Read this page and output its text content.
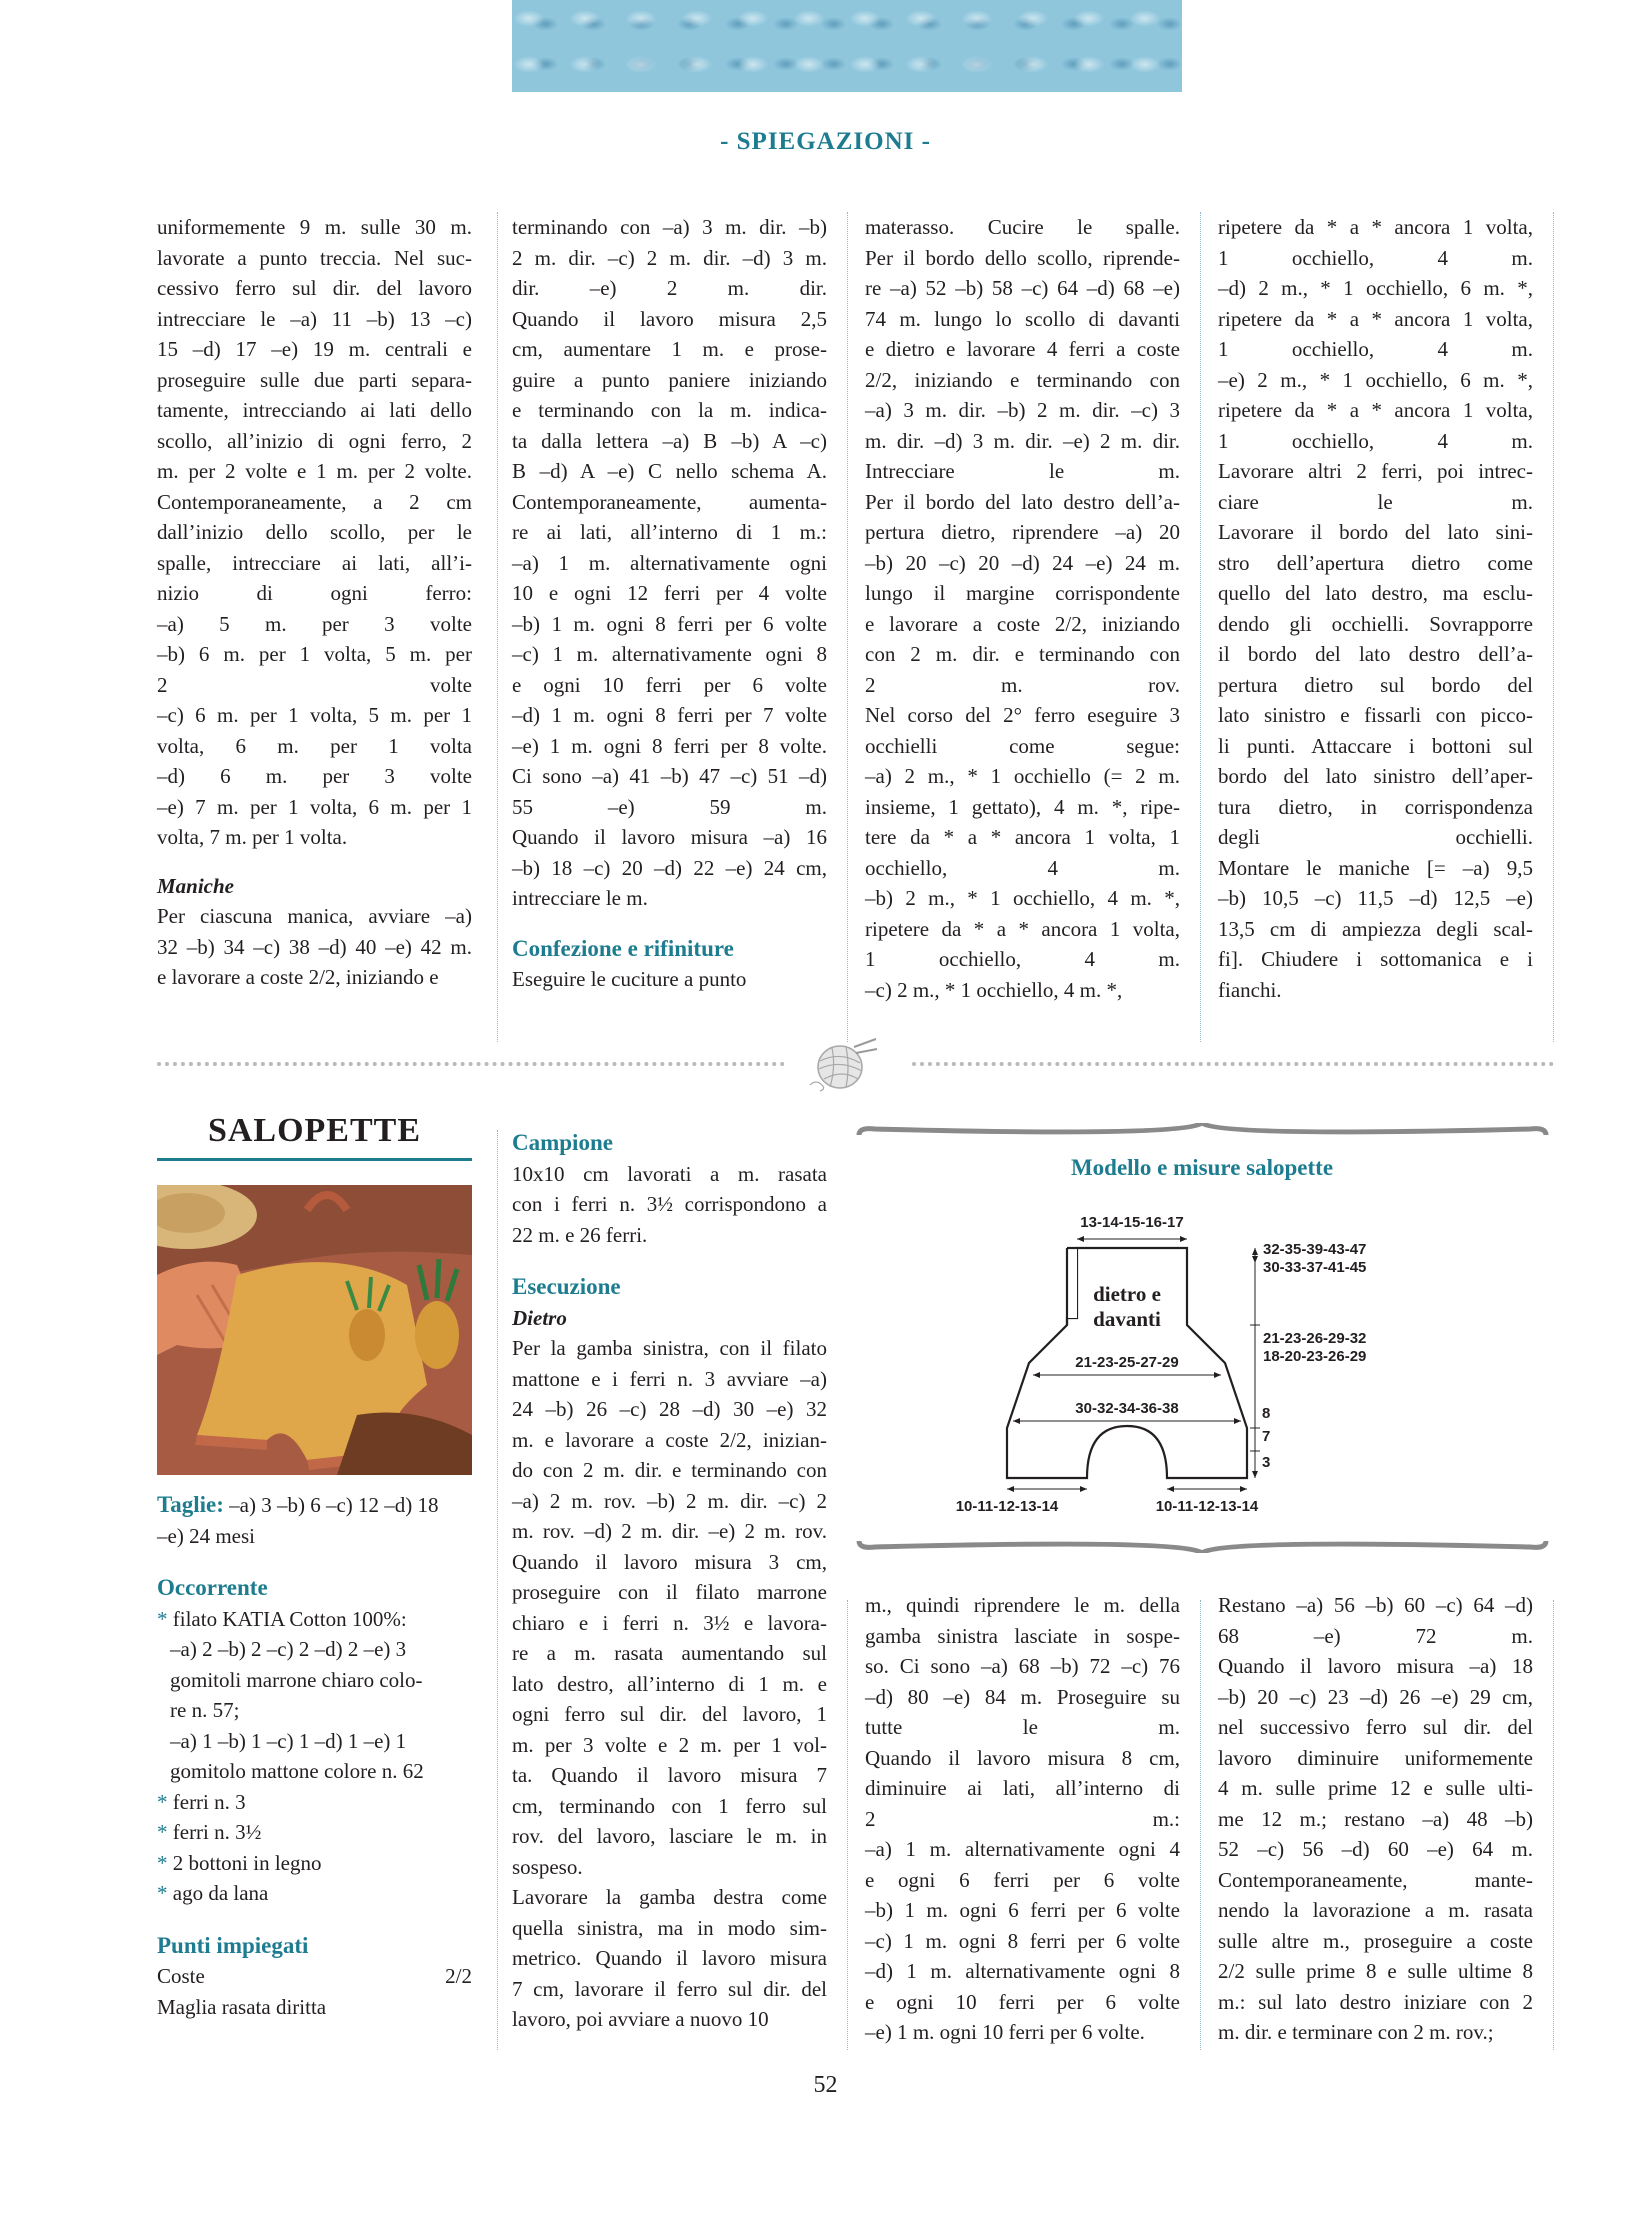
- SPIEGAZIONI -

uniformemente 9 m. sulle 30 m.

lavorate a punto treccia. Nel suc-

cessivo ferro sul dir. del lavoro

intrecciare le –a) 11 –b) 13 –c)

15 –d) 17 –e) 19 m. centrali e

proseguire sulle due parti separa-

tamente, intrecciando ai lati dello

scollo, all’inizio di ogni ferro, 2

m. per 2 volte e 1 m. per 2 volte.

Contemporaneamente, a 2 cm

dall’inizio dello scollo, per le

spalle, intrecciare ai lati, all’i-

nizio di ogni ferro:

–a) 5 m. per 3 volte

–b) 6 m. per 1 volta, 5 m. per

2 volte

–c) 6 m. per 1 volta, 5 m. per 1

volta, 6 m. per 1 volta

–d) 6 m. per 3 volte

–e) 7 m. per 1 volta, 6 m. per 1

volta, 7 m. per 1 volta.

Maniche

Per ciascuna manica, avviare –a)

32 –b) 34 –c) 38 –d) 40 –e) 42 m.

e lavorare a coste 2/2, iniziando e

terminando con –a) 3 m. dir. –b)

2 m. dir. –c) 2 m. dir. –d) 3 m.

dir. –e) 2 m. dir.

Quando il lavoro misura 2,5

cm, aumentare 1 m. e prose-

guire a punto paniere iniziando

e terminando con la m. indica-

ta dalla lettera –a) B –b) A –c)

B –d) A –e) C nello schema A.

Contemporaneamente, aumenta-

re ai lati, all’interno di 1 m.:

–a) 1 m. alternativamente ogni

10 e ogni 12 ferri per 4 volte

–b) 1 m. ogni 8 ferri per 6 volte

–c) 1 m. alternativamente ogni 8

e ogni 10 ferri per 6 volte

–d) 1 m. ogni 8 ferri per 7 volte

–e) 1 m. ogni 8 ferri per 8 volte.

Ci sono –a) 41 –b) 47 –c) 51 –d)

55 –e) 59 m.

Quando il lavoro misura –a) 16

–b) 18 –c) 20 –d) 22 –e) 24 cm,

intrecciare le m.

Confezione e rifiniture

Eseguire le cuciture a punto

materasso. Cucire le spalle.

Per il bordo dello scollo, riprende-

re –a) 52 –b) 58 –c) 64 –d) 68 –e)

74 m. lungo lo scollo di davanti

e dietro e lavorare 4 ferri a coste

2/2, iniziando e terminando con

–a) 3 m. dir. –b) 2 m. dir. –c) 3

m. dir. –d) 3 m. dir. –e) 2 m. dir.

Intrecciare le m.

Per il bordo del lato destro dell’a-

pertura dietro, riprendere –a) 20

–b) 20 –c) 20 –d) 24 –e) 24 m.

lungo il margine corrispondente

e lavorare a coste 2/2, iniziando

con 2 m. dir. e terminando con

2 m. rov.

Nel corso del 2° ferro eseguire 3

occhielli come segue:

–a) 2 m., * 1 occhiello (= 2 m.

insieme, 1 gettato), 4 m. *, ripe-

tere da * a * ancora 1 volta, 1

occhiello, 4 m.

–b) 2 m., * 1 occhiello, 4 m. *,

ripetere da * a * ancora 1 volta,

1 occhiello, 4 m.

–c) 2 m., * 1 occhiello, 4 m. *,

ripetere da * a * ancora 1 volta,

1 occhiello, 4 m.

–d) 2 m., * 1 occhiello, 6 m. *,

ripetere da * a * ancora 1 volta,

1 occhiello, 4 m.

–e) 2 m., * 1 occhiello, 6 m. *,

ripetere da * a * ancora 1 volta,

1 occhiello, 4 m.

Lavorare altri 2 ferri, poi intrec-

ciare le m.

Lavorare il bordo del lato sini-

stro dell’apertura dietro come

quello del lato destro, ma esclu-

dendo gli occhielli. Sovrapporre

il bordo del lato destro dell’a-

pertura dietro sul bordo del

lato sinistro e fissarli con picco-

li punti. Attaccare i bottoni sul

bordo del lato sinistro dell’aper-

tura dietro, in corrispondenza

degli occhielli.

Montare le maniche [= –a) 9,5

–b) 10,5 –c) 11,5 –d) 12,5 –e)

13,5 cm di ampiezza degli scal-

fi]. Chiudere i sottomanica e i

fianchi.

SALOPETTE

Taglie: –a) 3 –b) 6 –c) 12 –d) 18

–e) 24 mesi

Occorrente

* filato KATIA Cotton 100%:

–a) 2 –b) 2 –c) 2 –d) 2 –e) 3

gomitoli marrone chiaro colo-

re n. 57;

–a) 1 –b) 1 –c) 1 –d) 1 –e) 1

gomitolo mattone colore n. 62

* ferri n. 3

* ferri n. 3½

* 2 bottoni in legno

* ago da lana

Punti impiegati

Coste 2/2

Maglia rasata diritta

Campione

10x10 cm lavorati a m. rasata

con i ferri n. 3½ corrispondono a

22 m. e 26 ferri.

Esecuzione

Dietro

Per la gamba sinistra, con il filato

mattone e i ferri n. 3 avviare –a)

24 –b) 26 –c) 28 –d) 30 –e) 32

m. e lavorare a coste 2/2, inizian-

do con 2 m. dir. e terminando con

–a) 2 m. rov. –b) 2 m. dir. –c) 2

m. rov. –d) 2 m. dir. –e) 2 m. rov.

Quando il lavoro misura 3 cm,

proseguire con il filato marrone

chiaro e i ferri n. 3½ e lavora-

re a m. rasata aumentando sul

lato destro, all’interno di 1 m. e

ogni ferro sul dir. del lavoro, 1

m. per 3 volte e 2 m. per 1 vol-

ta. Quando il lavoro misura 7

cm, terminando con 1 ferro sul

rov. del lavoro, lasciare le m. in

sospeso.

Lavorare la gamba destra come

quella sinistra, ma in modo sim-

metrico. Quando il lavoro misura

7 cm, lavorare il ferro sul dir. del

lavoro, poi avviare a nuovo 10

Modello e misure salopette
13-14-15-16-17
dietro e
davanti
21-23-25-27-29
30-32-34-36-38
32-35-39-43-47
30-33-37-41-45
21-23-26-29-32
18-20-23-26-29
8
7
3
10-11-12-13-14	10-11-12-13-14

m., quindi riprendere le m. della

gamba sinistra lasciate in sospe-

so. Ci sono –a) 68 –b) 72 –c) 76

–d) 80 –e) 84 m. Proseguire su

tutte le m.

Quando il lavoro misura 8 cm,

diminuire ai lati, all’interno di

2 m.:

–a) 1 m. alternativamente ogni 4

e ogni 6 ferri per 6 volte

–b) 1 m. ogni 6 ferri per 6 volte

–c) 1 m. ogni 8 ferri per 6 volte

–d) 1 m. alternativamente ogni 8

e ogni 10 ferri per 6 volte

–e) 1 m. ogni 10 ferri per 6 volte.

Restano –a) 56 –b) 60 –c) 64 –d)

68 –e) 72 m.

Quando il lavoro misura –a) 18

–b) 20 –c) 23 –d) 26 –e) 29 cm,

nel successivo ferro sul dir. del

lavoro diminuire uniformemente

4 m. sulle prime 12 e sulle ulti-

me 12 m.; restano –a) 48 –b)

52 –c) 56 –d) 60 –e) 64 m.

Contemporaneamente, mante-

nendo la lavorazione a m. rasata

sulle altre m., proseguire a coste

2/2 sulle prime 8 e sulle ultime 8

m.: sul lato destro iniziare con 2

m. dir. e terminare con 2 m. rov.;

52
